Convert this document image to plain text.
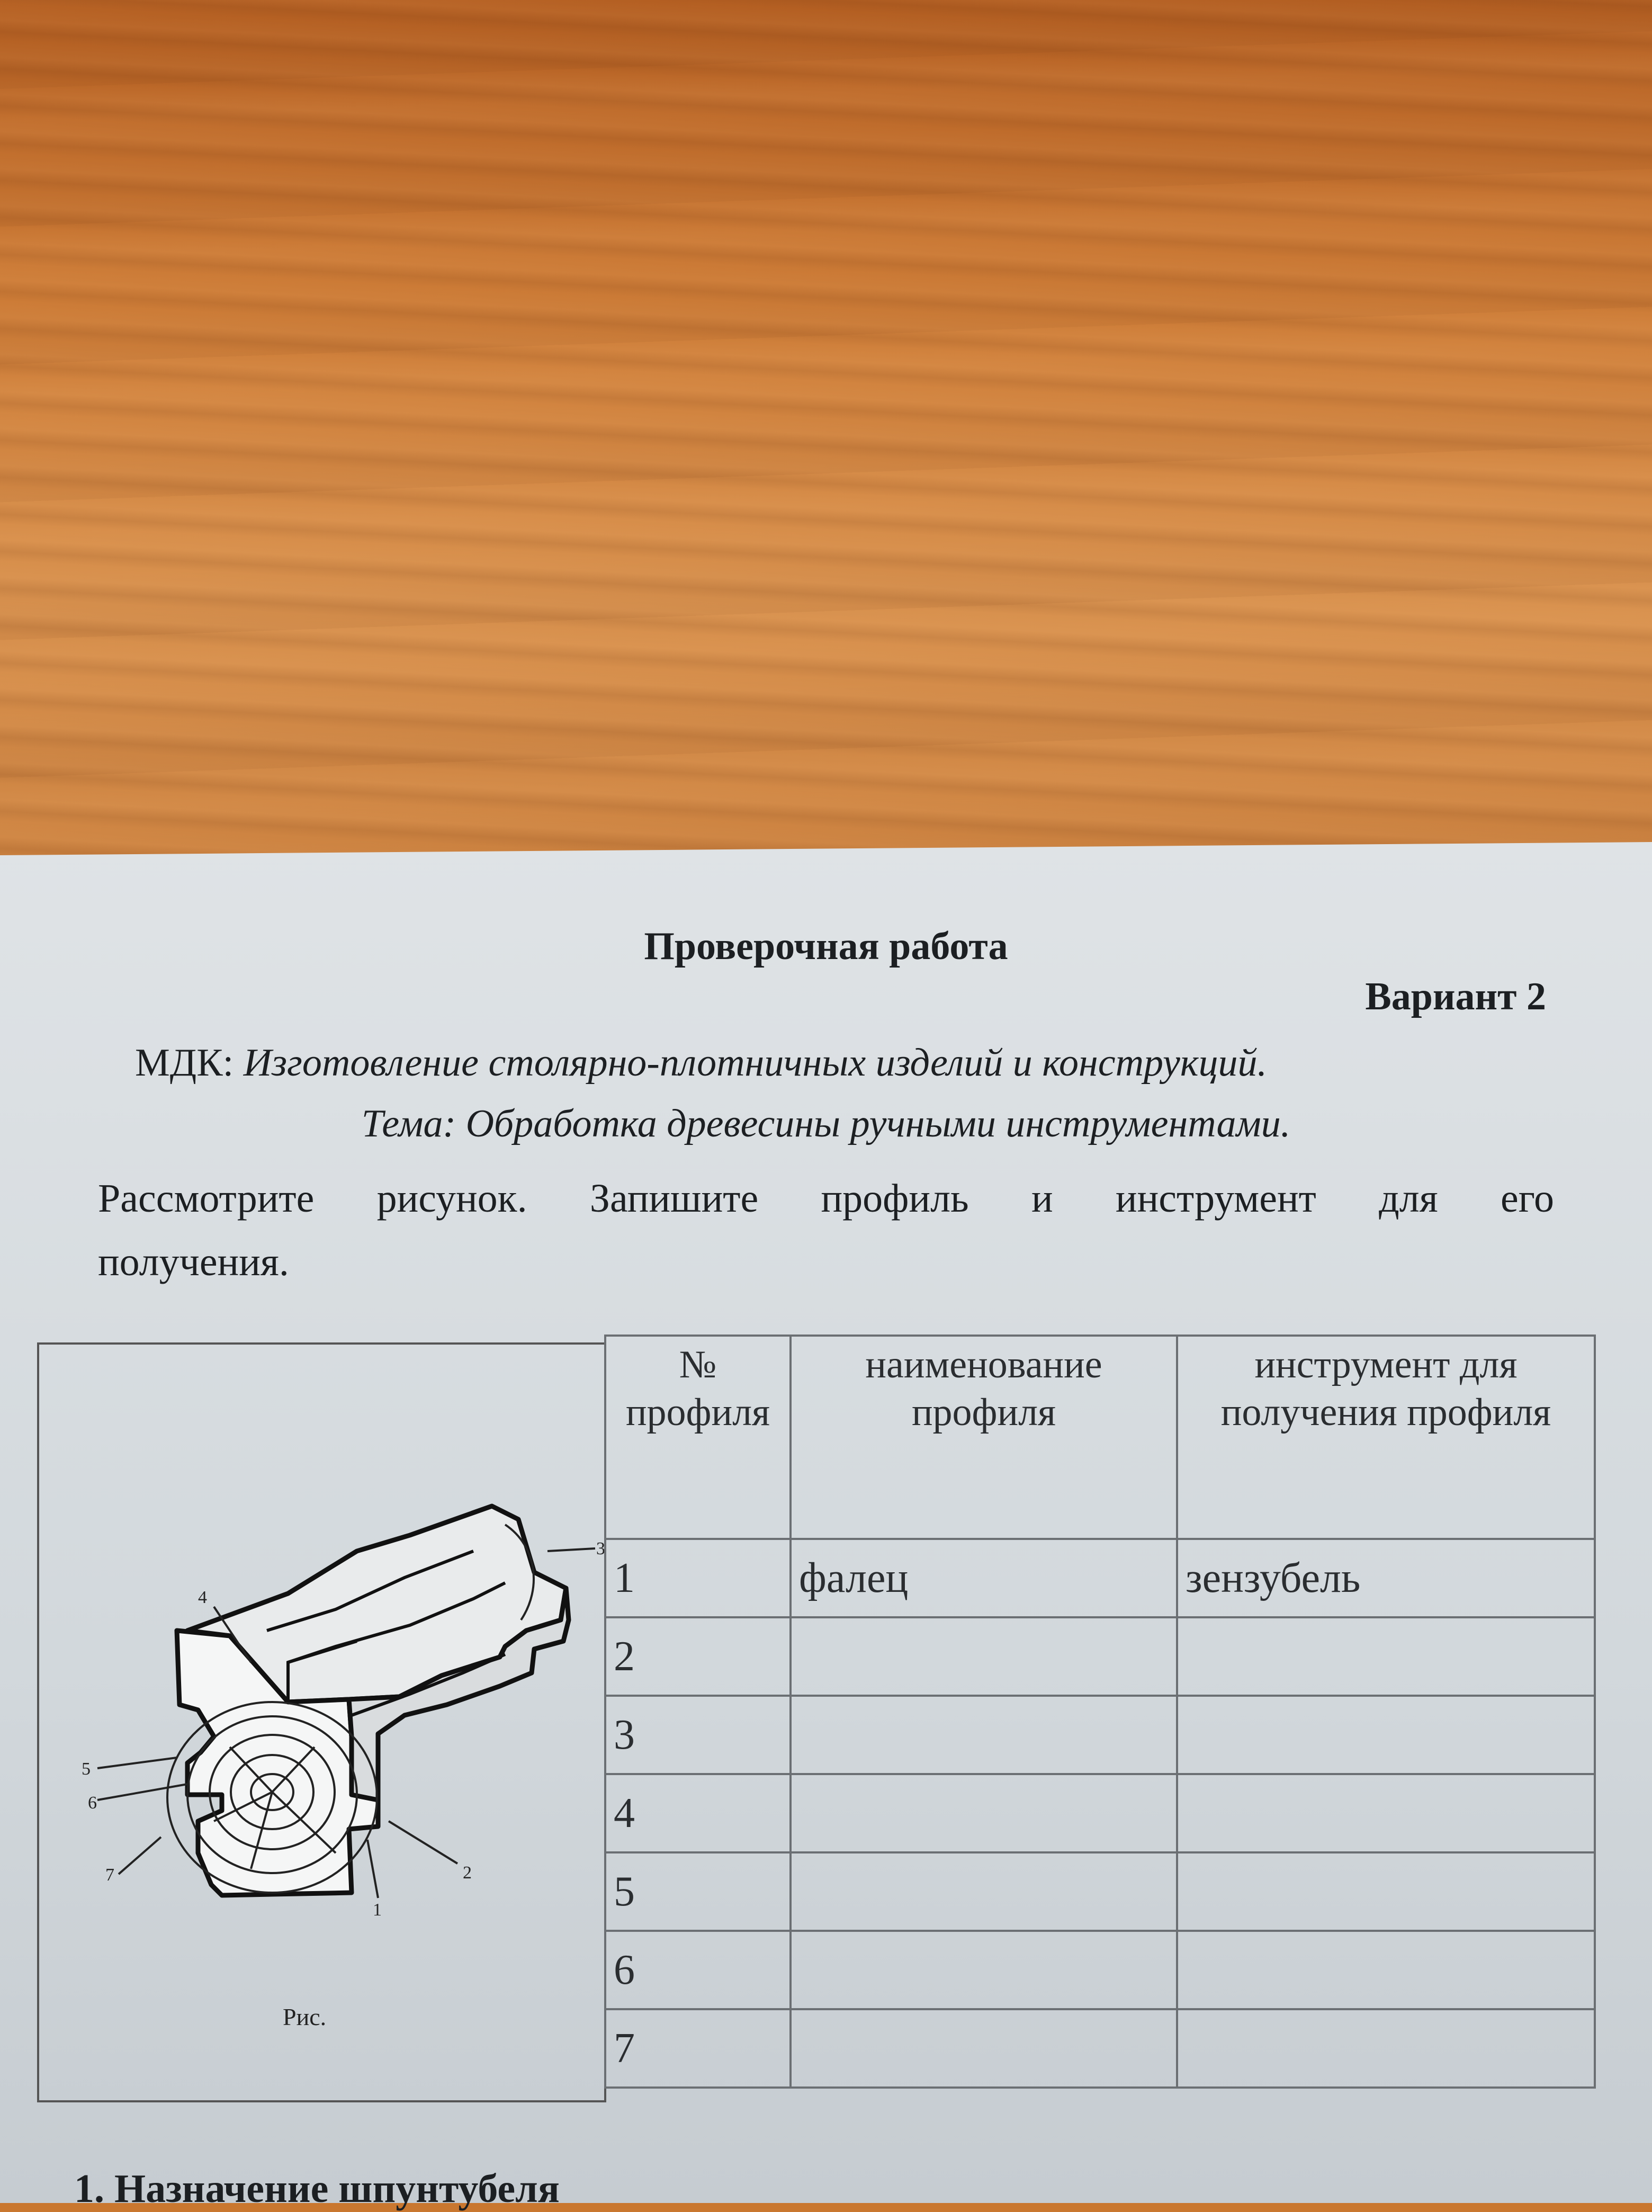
Проверочная работа
Вариант 2
МДК: Изготовление столярно-плотничных изделий и конструкций.
Тема: Обработка древесины ручными инструментами.
Рассмотрите рисунок. Запишите профиль и инструмент для его
получения.
4
3
5
6
7	2
1
Рис.
№ профиля	наименование профиля	инструмент для получения профиля
1	фалец	зензубель
2		
3		
4		
5		
6		
7		
1. Назначение шпунтубеля
